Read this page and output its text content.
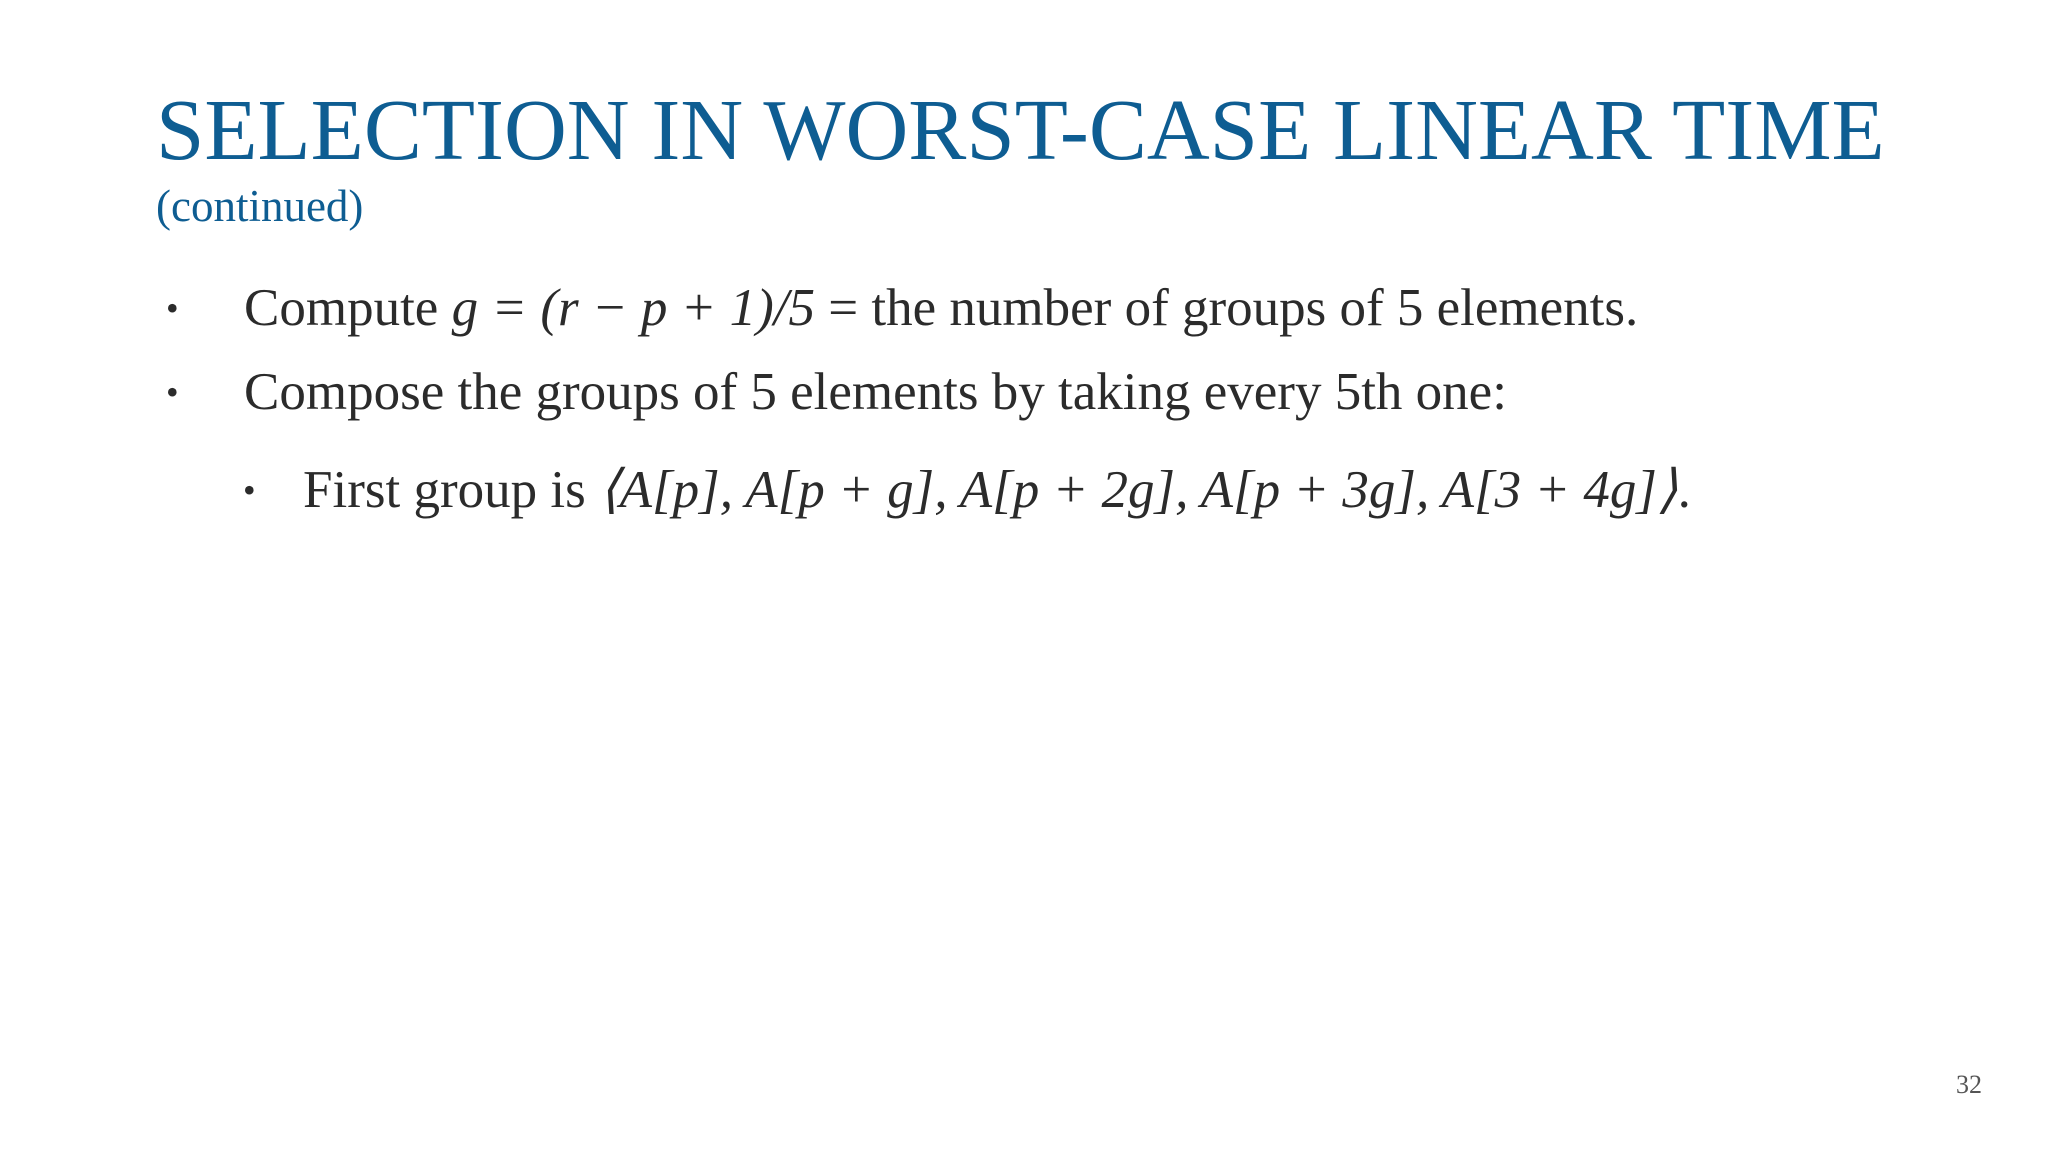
SELECTION IN WORST-CASE LINEAR TIME
(continued)
• Compute g = (r − p + 1)/5 = the number of groups of 5 elements.
• Compose the groups of 5 elements by taking every 5th one:
• First group is ⟨A[p], A[p + g], A[p + 2g], A[p + 3g], A[3 + 4g]⟩.
32
